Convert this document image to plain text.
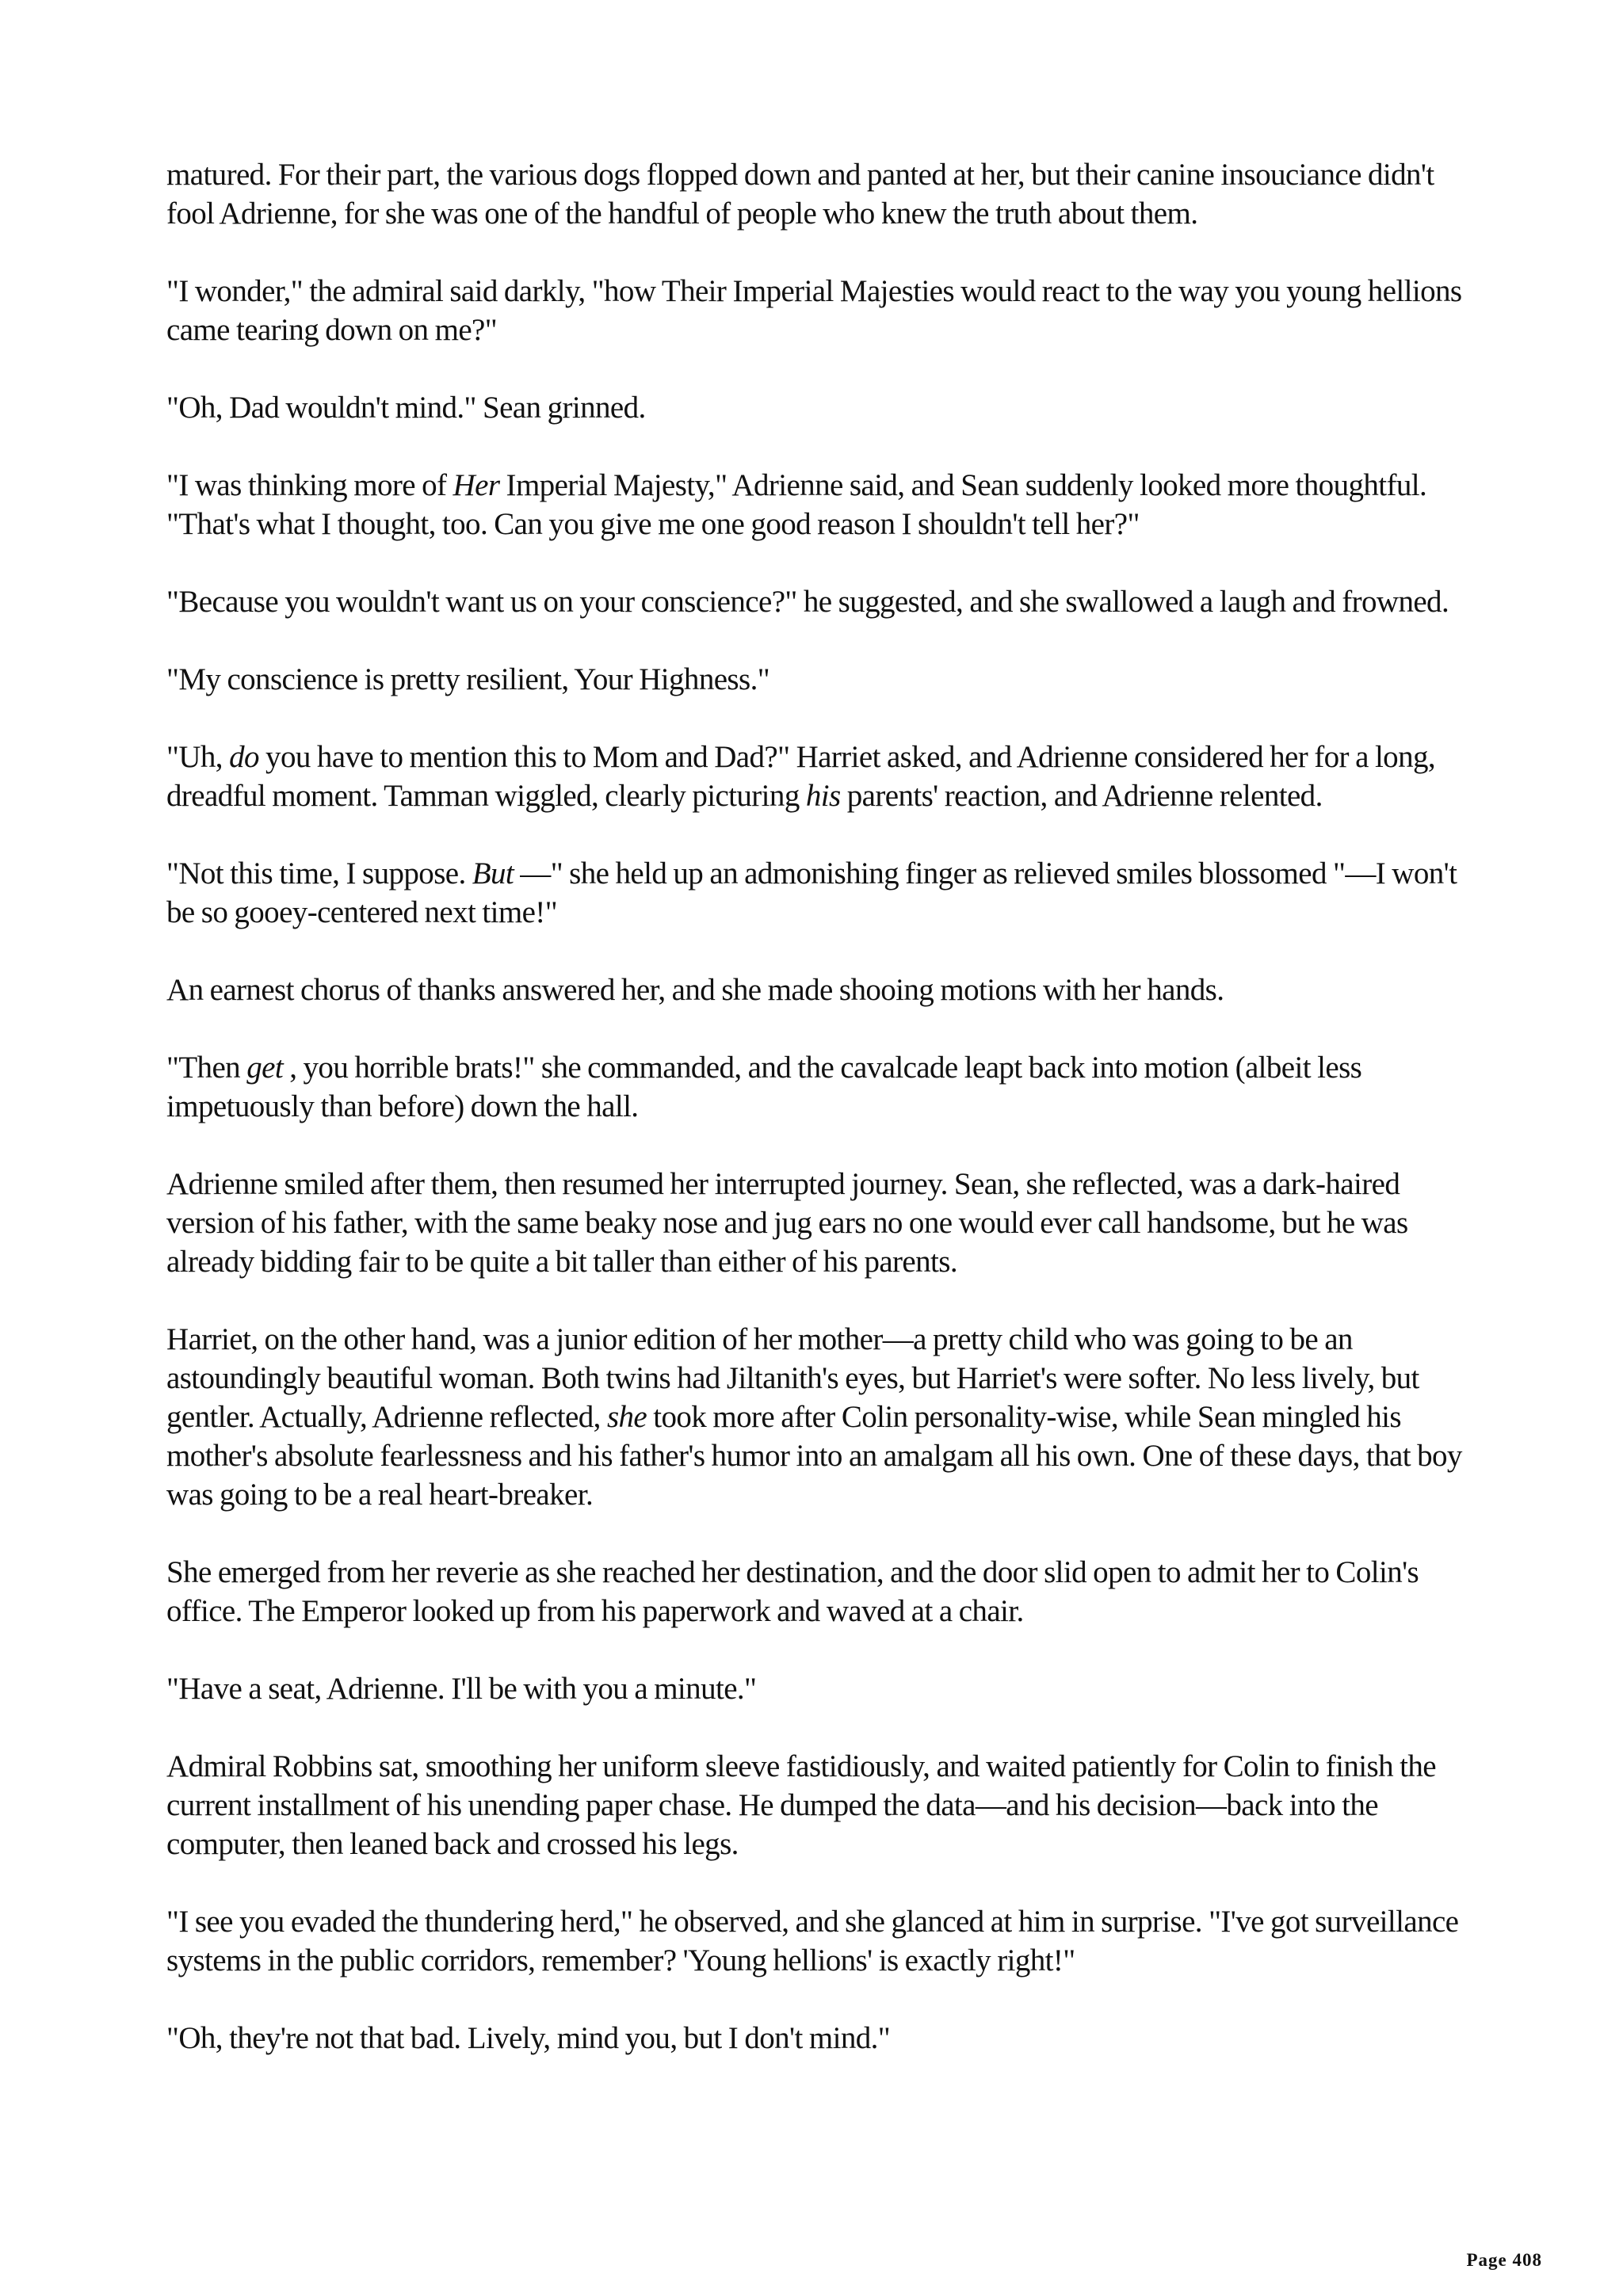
matured. For their part, the various dogs flopped down and panted at her, but their canine insouciance didn't fool Adrienne, for she was one of the handful of people who knew the truth about them.

"I wonder," the admiral said darkly, "how Their Imperial Majesties would react to the way you young hellions came tearing down on me?"

"Oh, Dad wouldn't mind." Sean grinned.

"I was thinking more of Her Imperial Majesty," Adrienne said, and Sean suddenly looked more thoughtful. "That's what I thought, too. Can you give me one good reason I shouldn't tell her?"

"Because you wouldn't want us on your conscience?" he suggested, and she swallowed a laugh and frowned.

"My conscience is pretty resilient, Your Highness."

"Uh, do you have to mention this to Mom and Dad?" Harriet asked, and Adrienne considered her for a long, dreadful moment. Tamman wiggled, clearly picturing his parents' reaction, and Adrienne relented.

"Not this time, I suppose. But —" she held up an admonishing finger as relieved smiles blossomed "—I won't be so gooey-centered next time!"

An earnest chorus of thanks answered her, and she made shooing motions with her hands.

"Then get , you horrible brats!" she commanded, and the cavalcade leapt back into motion (albeit less impetuously than before) down the hall.

Adrienne smiled after them, then resumed her interrupted journey. Sean, she reflected, was a dark-haired version of his father, with the same beaky nose and jug ears no one would ever call handsome, but he was already bidding fair to be quite a bit taller than either of his parents.

Harriet, on the other hand, was a junior edition of her mother—a pretty child who was going to be an astoundingly beautiful woman. Both twins had Jiltanith's eyes, but Harriet's were softer. No less lively, but gentler. Actually, Adrienne reflected, she took more after Colin personality-wise, while Sean mingled his mother's absolute fearlessness and his father's humor into an amalgam all his own. One of these days, that boy was going to be a real heart-breaker.

She emerged from her reverie as she reached her destination, and the door slid open to admit her to Colin's office. The Emperor looked up from his paperwork and waved at a chair.

"Have a seat, Adrienne. I'll be with you a minute."

Admiral Robbins sat, smoothing her uniform sleeve fastidiously, and waited patiently for Colin to finish the current installment of his unending paper chase. He dumped the data—and his decision—back into the computer, then leaned back and crossed his legs.

"I see you evaded the thundering herd," he observed, and she glanced at him in surprise. "I've got surveillance systems in the public corridors, remember? 'Young hellions' is exactly right!"

"Oh, they're not that bad. Lively, mind you, but I don't mind."

Page 408
